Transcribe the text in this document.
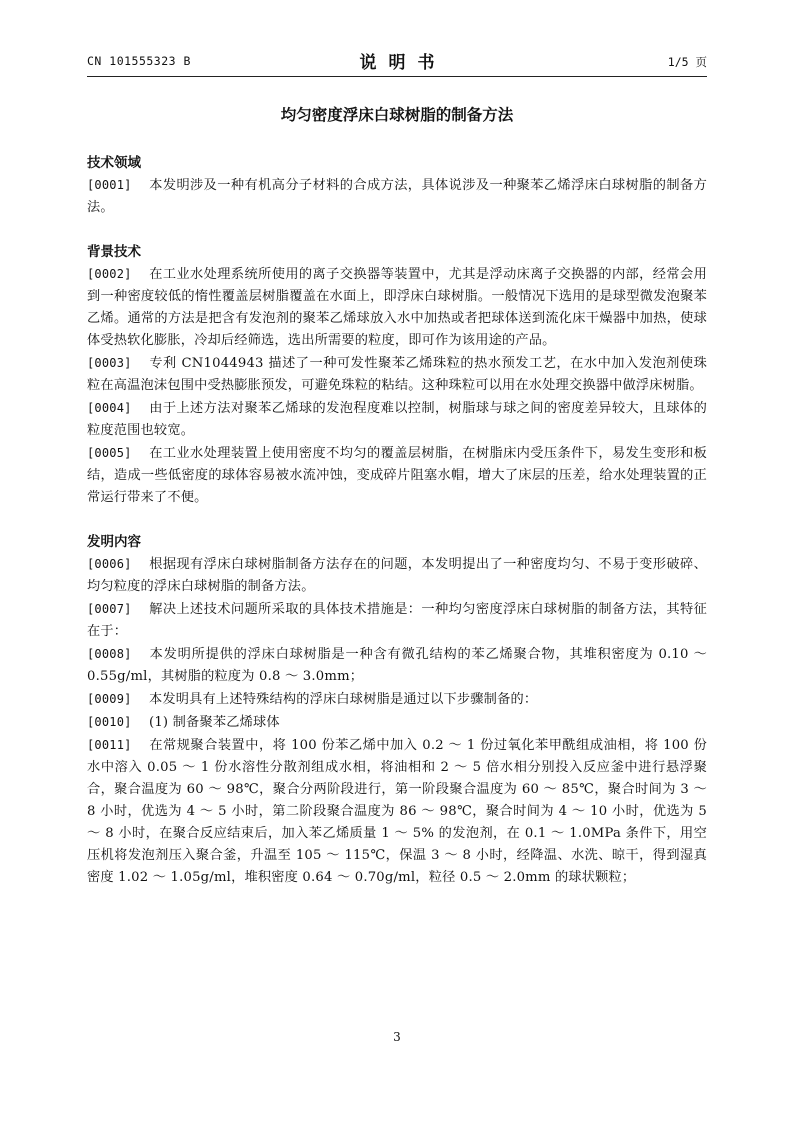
CN 101555323 B	说明书	1/5 页
均匀密度浮床白球树脂的制备方法
技术领域
[0001] 本发明涉及一种有机高分子材料的合成方法，具体说涉及一种聚苯乙烯浮床白球树脂的制备方法。
背景技术
[0002] 在工业水处理系统所使用的离子交换器等装置中，尤其是浮动床离子交换器的内部，经常会用到一种密度较低的惰性覆盖层树脂覆盖在水面上，即浮床白球树脂。一般情况下选用的是球型微发泡聚苯乙烯。通常的方法是把含有发泡剂的聚苯乙烯球放入水中加热或者把球体送到流化床干燥器中加热，使球体受热软化膨胀，冷却后经筛选，选出所需要的粒度，即可作为该用途的产品。
[0003] 专利 CN1044943 描述了一种可发性聚苯乙烯珠粒的热水预发工艺，在水中加入发泡剂使珠粒在高温泡沫包围中受热膨胀预发，可避免珠粒的粘结。这种珠粒可以用在水处理交换器中做浮床树脂。
[0004] 由于上述方法对聚苯乙烯球的发泡程度难以控制，树脂球与球之间的密度差异较大，且球体的粒度范围也较宽。
[0005] 在工业水处理装置上使用密度不均匀的覆盖层树脂，在树脂床内受压条件下，易发生变形和板结，造成一些低密度的球体容易被水流冲蚀，变成碎片阻塞水帽，增大了床层的压差，给水处理装置的正常运行带来了不便。
发明内容
[0006] 根据现有浮床白球树脂制备方法存在的问题，本发明提出了一种密度均匀、不易于变形破碎、均匀粒度的浮床白球树脂的制备方法。
[0007] 解决上述技术问题所采取的具体技术措施是：一种均匀密度浮床白球树脂的制备方法，其特征在于：
[0008] 本发明所提供的浮床白球树脂是一种含有微孔结构的苯乙烯聚合物，其堆积密度为 0.10 ～ 0.55g/ml，其树脂的粒度为 0.8 ～ 3.0mm；
[0009] 本发明具有上述特殊结构的浮床白球树脂是通过以下步骤制备的：
[0010] (1) 制备聚苯乙烯球体
[0011] 在常规聚合装置中，将 100 份苯乙烯中加入 0.2 ～ 1 份过氧化苯甲酰组成油相，将 100 份水中溶入 0.05 ～ 1 份水溶性分散剂组成水相，将油相和 2 ～ 5 倍水相分别投入反应釜中进行悬浮聚合，聚合温度为 60 ～ 98℃，聚合分两阶段进行，第一阶段聚合温度为 60 ～ 85℃，聚合时间为 3 ～ 8 小时，优选为 4 ～ 5 小时，第二阶段聚合温度为 86 ～ 98℃，聚合时间为 4 ～ 10 小时，优选为 5 ～ 8 小时，在聚合反应结束后，加入苯乙烯质量 1 ～ 5% 的发泡剂，在 0.1 ～ 1.0MPa 条件下，用空压机将发泡剂压入聚合釜，升温至 105 ～ 115℃，保温 3 ～ 8 小时，经降温、水洗、晾干，得到湿真密度 1.02 ～ 1.05g/ml，堆积密度 0.64 ～ 0.70g/ml，粒径 0.5 ～ 2.0mm 的球状颗粒；
3
